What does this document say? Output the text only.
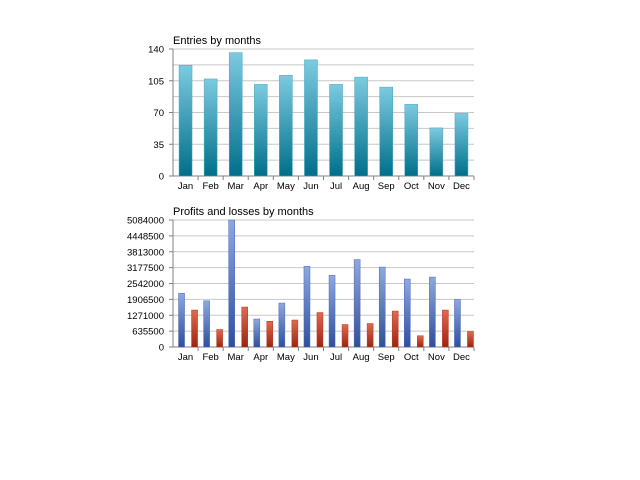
Entries by months
0
35
70
105
140
Jan Feb Mar Apr May Jun Jul Aug Sep Oct Nov Dec
Profits and losses by months
0
635500
1271000
1906500
2542000
3177500
3813000
4448500
5084000
Jan Feb Mar Apr May Jun Jul Aug Sep Oct Nov Dec
